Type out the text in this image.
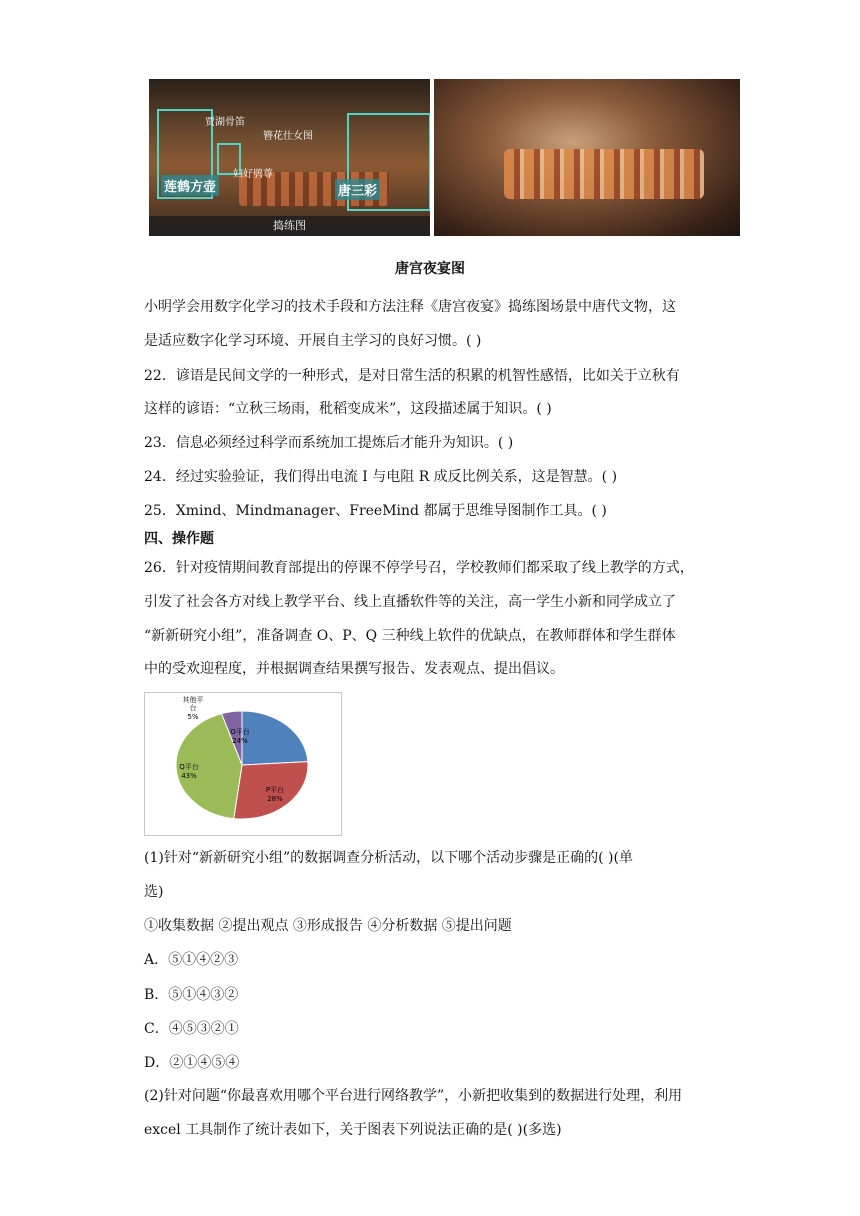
莲鹤方壶
贾湖骨笛
簪花仕女图
妇好鸮尊
唐三彩
捣练图
唐宫夜宴图
小明学会用数字化学习的技术手段和方法注释《唐宫夜宴》捣练图场景中唐代文物，这
是适应数字化学习环境、开展自主学习的良好习惯。( )
22．谚语是民间文学的一种形式，是对日常生活的积累的机智性感悟，比如关于立秋有
这样的谚语：“立秋三场雨，秕稻变成米”，这段描述属于知识。( )
23．信息必须经过科学而系统加工提炼后才能升为知识。( )
24．经过实验验证，我们得出电流 I 与电阻 R 成反比例关系，这是智慧。( )
25．Xmind、Mindmanager、FreeMind 都属于思维导图制作工具。( )
四、操作题
26．针对疫情期间教育部提出的停课不停学号召，学校教师们都采取了线上教学的方式，
引发了社会各方对线上教学平台、线上直播软件等的关注，高一学生小新和同学成立了
“新新研究小组”，准备调查 O、P、Q 三种线上软件的优缺点，在教师群体和学生群体
中的受欢迎程度，并根据调查结果撰写报告、发表观点、提出倡议。
O平台
24%
P平台
28%
Q平台
43%
其他平
台
5%
(1)针对“新新研究小组”的数据调查分析活动，以下哪个活动步骤是正确的( )(单
选)
①收集数据 ②提出观点 ③形成报告 ④分析数据 ⑤提出问题
A．⑤①④②③
B．⑤①④③②
C．④⑤③②①
D．②①④⑤④
(2)针对问题“你最喜欢用哪个平台进行网络教学”，小新把收集到的数据进行处理，利用
excel 工具制作了统计表如下，关于图表下列说法正确的是( )(多选)
